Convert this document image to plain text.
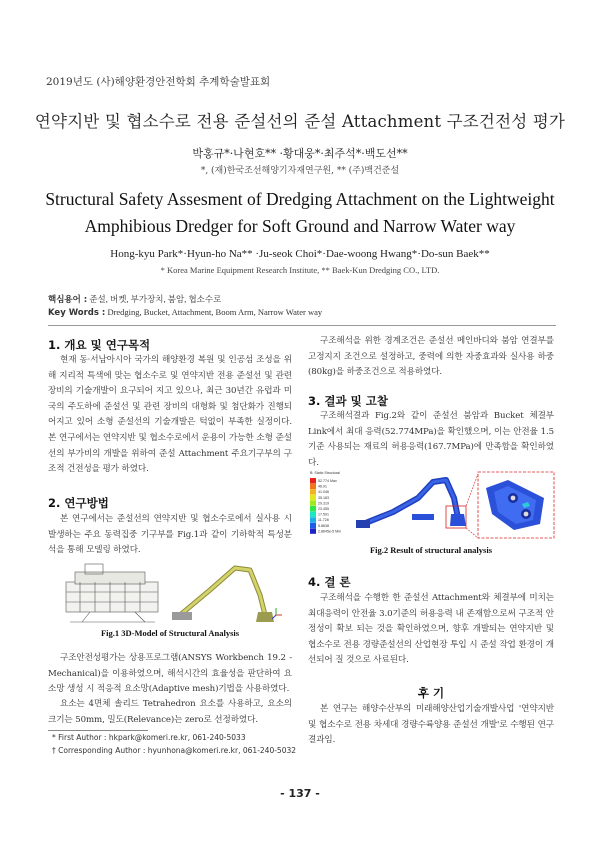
2019년도 (사)해양환경안전학회 추계학술발표회
연약지반 및 협소수로 전용 준설선의 준설 Attachment 구조건전성 평가
박홍규*·나현호** ·황대웅*·최주석*·백도선**
*, (재)한국조선해양기자재연구원, ** (주)백건준설
Structural Safety Assesment of Dredging Attachment on the Lightweight Amphibious Dredger for Soft Ground and Narrow Water way
Hong-kyu Park*·Hyun-ho Na** ·Ju-seok Choi*·Dae-woong Hwang*·Do-sun Baek**
* Korea Marine Equipment Research Institute, ** Baek-Kun Dredging CO., LTD.
핵심용어 : 준설, 버켓, 부가장치, 붐암, 협소수로
Key Words : Dredging, Bucket, Attachment, Boom Arm, Narrow Water way
1. 개요 및 연구목적
현재 동·서남아시아 국가의 해양환경 복원 및 인공섬 조성을 위해 지리적 특색에 맞는 협소수로 및 연약지반 전용 준설선 및 관련 장비의 기술개발이 요구되어 지고 있으나, 최근 30년간 유럽과 미국의 주도하에 준설선 및 관련 장비의 대형화 및 첨단화가 진행되어지고 있어 소형 준설선의 기술개발은 턱없이 부족한 실정이다. 본 연구에서는 연약지반 및 협소수로에서 운용이 가능한 소형 준설선의 부가비의 개발을 위하여 준설 Attachment 주요기구부의 구조적 건전성을 평가 하였다.
2. 연구방법
본 연구에서는 준설선의 연약지반 및 협소수로에서 실사용 시 발생하는 주요 동력집중 기구부를 Fig.1과 같이 기하학적 특성분석을 통해 모델링 하였다.
Fig.1 3D-Model of Structural Analysis
구조안전성평가는 상용프로그램(ANSYS Workbench 19.2 - Mechanical)을 이용하였으며, 해석시간의 효율성을 판단하여 요소망 생성 시 적응적 요소망(Adaptive mesh)기법을 사용하였다.
요소는 4면체 솔리드 Tetrahedron 요소를 사용하고, 요소의 크기는 50mm, 밀도(Relevance)는 zero로 선정하였다.
* First Author : hkpark@komeri.re.kr, 061-240-5033
† Corresponding Author : hyunhona@komeri.re.kr, 061-240-5032
구조해석을 위한 경계조건은 준설선 메인바디와 붐암 연결부를 고정지지 조건으로 설정하고, 중력에 의한 자중효과와 실사용 하중(80kg)을 하중조건으로 적용하였다.
3. 결과 및 고찰
구조해석결과 Fig.2와 같이 준설선 붐암과 Bucket 체결부 Link에서 최대 응력(52.774MPa)을 확인했으며, 이는 안전율 1.5기준 사용되는 재료의 허용응력(167.7MPa)에 만족함을 확인하였다.
B: Static Structural
52.774 Max
46.91
41.046
35.183
29.319
23.455
17.591
11.728
5.8638
2.8645e-5 Min
Fig.2 Result of structural analysis
4. 결 론
구조해석을 수행한 한 준설선 Attachment와 체결부에 미치는 최대응력이 안전율 3.0기준의 허용응력 내 존재함으로써 구조적 안정성이 확보 되는 것을 확인하였으며, 향후 개발되는 연약지반 및 협소수로 전용 경량준설선의 산업현장 투입 시 준설 작업 환경이 개선되어 질 것으로 사료된다.
후 기
본 연구는 해양수산부의 미래해양산업기술개발사업 '연약지반 및 협소수로 전용 차세대 경량수륙양용 준설선 개발'로 수행된 연구 결과임.
- 137 -
